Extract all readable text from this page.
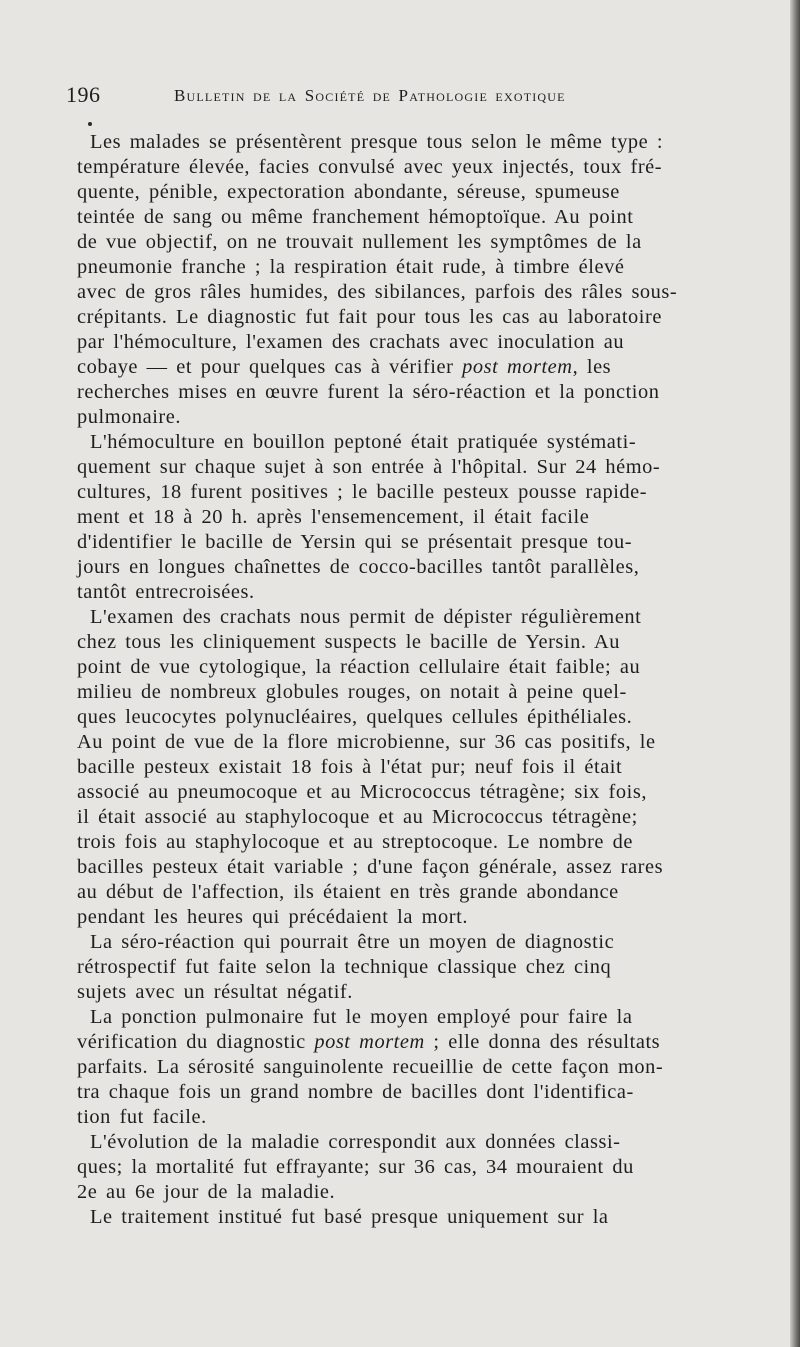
196	Bulletin de la Société de Pathologie exotique
Les malades se présentèrent presque tous selon le même type :
température élevée, facies convulsé avec yeux injectés, toux fré-
quente, pénible, expectoration abondante, séreuse, spumeuse
teintée de sang ou même franchement hémoptoïque. Au point
de vue objectif, on ne trouvait nullement les symptômes de la
pneumonie franche ; la respiration était rude, à timbre élevé
avec de gros râles humides, des sibilances, parfois des râles sous-
crépitants. Le diagnostic fut fait pour tous les cas au laboratoire
par l'hémoculture, l'examen des crachats avec inoculation au
cobaye — et pour quelques cas à vérifier post mortem, les
recherches mises en œuvre furent la séro-réaction et la ponction
pulmonaire.
L'hémoculture en bouillon peptoné était pratiquée systémati-
quement sur chaque sujet à son entrée à l'hôpital. Sur 24 hémo-
cultures, 18 furent positives ; le bacille pesteux pousse rapide-
ment et 18 à 20 h. après l'ensemencement, il était facile
d'identifier le bacille de Yersin qui se présentait presque tou-
jours en longues chaînettes de cocco-bacilles tantôt parallèles,
tantôt entrecroisées.
L'examen des crachats nous permit de dépister régulièrement
chez tous les cliniquement suspects le bacille de Yersin. Au
point de vue cytologique, la réaction cellulaire était faible; au
milieu de nombreux globules rouges, on notait à peine quel-
ques leucocytes polynucléaires, quelques cellules épithéliales.
Au point de vue de la flore microbienne, sur 36 cas positifs, le
bacille pesteux existait 18 fois à l'état pur; neuf fois il était
associé au pneumocoque et au Micrococcus tétragène; six fois,
il était associé au staphylocoque et au Micrococcus tétragène;
trois fois au staphylocoque et au streptocoque. Le nombre de
bacilles pesteux était variable ; d'une façon générale, assez rares
au début de l'affection, ils étaient en très grande abondance
pendant les heures qui précédaient la mort.
La séro-réaction qui pourrait être un moyen de diagnostic
rétrospectif fut faite selon la technique classique chez cinq
sujets avec un résultat négatif.
La ponction pulmonaire fut le moyen employé pour faire la
vérification du diagnostic post mortem ; elle donna des résultats
parfaits. La sérosité sanguinolente recueillie de cette façon mon-
tra chaque fois un grand nombre de bacilles dont l'identifica-
tion fut facile.
L'évolution de la maladie correspondit aux données classi-
ques; la mortalité fut effrayante; sur 36 cas, 34 mouraient du
2e au 6e jour de la maladie.
Le traitement institué fut basé presque uniquement sur la
